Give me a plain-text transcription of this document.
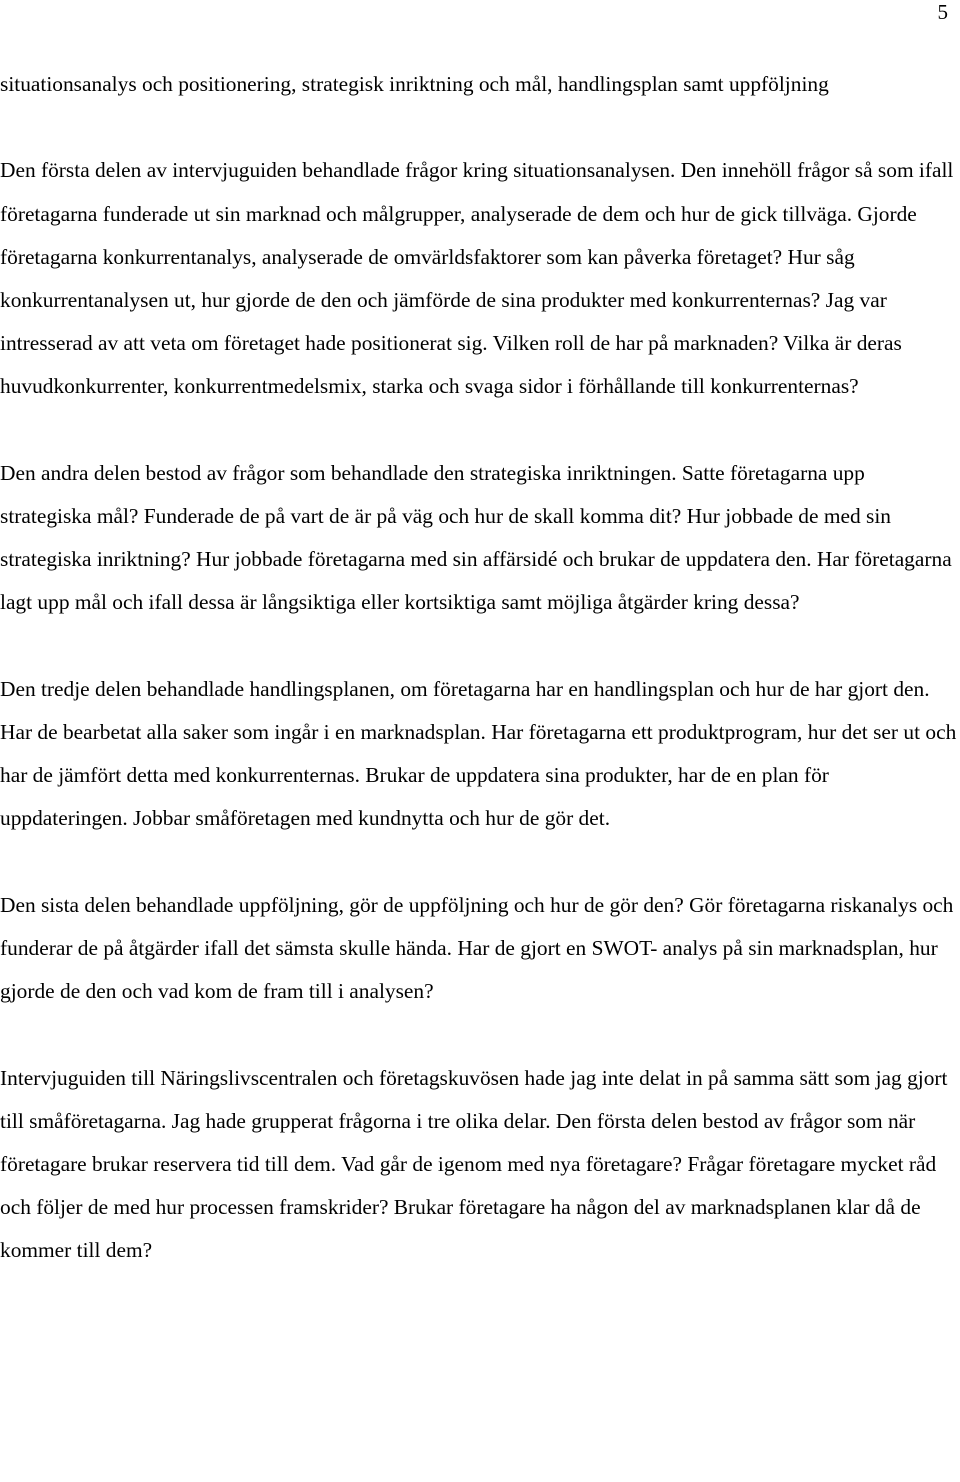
5

situationsanalys och positionering, strategisk inriktning och mål, handlingsplan samt uppföljning

Den första delen av intervjuguiden behandlade frågor kring situationsanalysen. Den innehöll frågor så som ifall företagarna funderade ut sin marknad och målgrupper, analyserade de dem och hur de gick tillväga. Gjorde företagarna konkurrentanalys, analyserade de omvärldsfaktorer som kan påverka företaget? Hur såg konkurrentanalysen ut, hur gjorde de den och jämförde de sina produkter med konkurrenternas? Jag var intresserad av att veta om företaget hade positionerat sig. Vilken roll de har på marknaden? Vilka är deras huvudkonkurrenter, konkurrentmedelsmix, starka och svaga sidor i förhållande till konkurrenternas?

Den andra delen bestod av frågor som behandlade den strategiska inriktningen. Satte företagarna upp strategiska mål? Funderade de på vart de är på väg och hur de skall komma dit? Hur jobbade de med sin strategiska inriktning? Hur jobbade företagarna med sin affärsidé och brukar de uppdatera den. Har företagarna lagt upp mål och ifall dessa är långsiktiga eller kortsiktiga samt möjliga åtgärder kring dessa?

Den tredje delen behandlade handlingsplanen, om företagarna har en handlingsplan och hur de har gjort den. Har de bearbetat alla saker som ingår i en marknadsplan. Har företagarna ett produktprogram, hur det ser ut och har de jämfört detta med konkurrenternas. Brukar de uppdatera sina produkter, har de en plan för uppdateringen. Jobbar småföretagen med kundnytta och hur de gör det.

Den sista delen behandlade uppföljning, gör de uppföljning och hur de gör den? Gör företagarna riskanalys och funderar de på åtgärder ifall det sämsta skulle hända. Har de gjort en SWOT- analys på sin marknadsplan, hur gjorde de den och vad kom de fram till i analysen?

Intervjuguiden till Näringslivscentralen och företagskuvösen hade jag inte delat in på samma sätt som jag gjort till småföretagarna. Jag hade grupperat frågorna i tre olika delar. Den första delen bestod av frågor som när företagare brukar reservera tid till dem. Vad går de igenom med nya företagare? Frågar företagare mycket råd och följer de med hur processen framskrider? Brukar företagare ha någon del av marknadsplanen klar då de kommer till dem?
